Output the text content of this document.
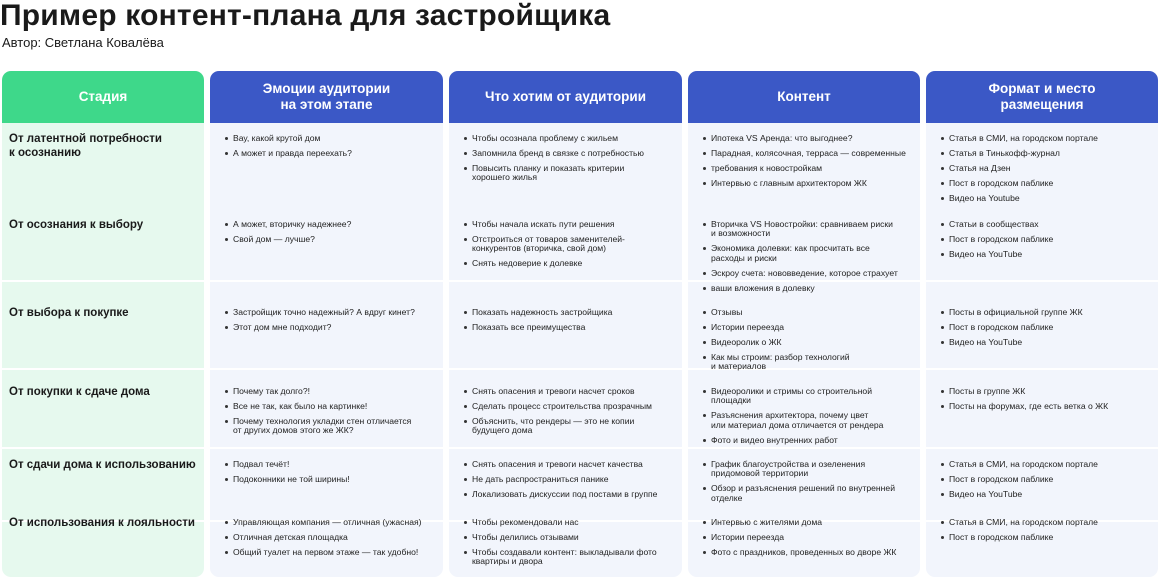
Пример контент-плана для застройщика
Автор: Светлана Ковалёва
Стадия
От латентной потребности
к осознанию
От осознания к выбору
От выбора к покупке
От покупки к сдаче дома
От сдачи дома к использованию
От использования к лояльности
Эмоции аудитории
на этом этапе
Вау, какой крутой дом
А может и правда переехать?
А может, вторичку надежнее?
Свой дом — лучше?
Застройщик точно надежный? А вдруг кинет?
Этот дом мне подходит?
Почему так долго?!
Все не так, как было на картинке!
Почему технология укладки стен отличается
от других домов этого же ЖК?
Подвал течёт!
Подоконники не той ширины!
Управляющая компания — отличная (ужасная)
Отличная детская площадка
Общий туалет на первом этаже — так удобно!
Что хотим от аудитории
Чтобы осознала проблему с жильем
Запомнила бренд в связке с потребностью
Повысить планку и показать критерии
хорошего жилья
Чтобы начала искать пути решения
Отстроиться от товаров заменителей-
конкурентов (вторичка, свой дом)
Снять недоверие к долевке
Показать надежность застройщика
Показать все преимущества
Снять опасения и тревоги насчет сроков
Сделать процесс строительства прозрачным
Объяснить, что рендеры — это не копии
будущего дома
Снять опасения и тревоги насчет качества
Не дать распространиться панике
Локализовать дискуссии под постами в группе
Чтобы рекомендовали нас
Чтобы делились отзывами
Чтобы создавали контент: выкладывали фото
квартиры и двора
Контент
Ипотека VS Аренда: что выгоднее?
Парадная, колясочная, терраса — современные
требования к новостройкам
Интервью с главным архитектором ЖК
Вторичка VS Новостройки: сравниваем риски
и возможности
Экономика долевки: как просчитать все
расходы и риски
Эскроу счета: нововведение, которое страхует
ваши вложения в долевку
Отзывы
Истории переезда
Видеоролик о ЖК
Как мы строим: разбор технологий
и материалов
Видеоролики и стримы со строительной
площадки
Разъяснения архитектора, почему цвет
или материал дома отличается от рендера
Фото и видео внутренних работ
График благоустройства и озеленения
придомовой территории
Обзор и разъяснения решений по внутренней
отделке
Интервью с жителями дома
Истории переезда
Фото с праздников, проведенных во дворе ЖК
Формат и место
размещения
Статья в СМИ, на городском портале
Статья в Тинькофф-журнал
Статья на Дзен
Пост в городском паблике
Видео на Youtube
Статьи в сообществах
Пост в городском паблике
Видео на YouTube
Посты в официальной группе ЖК
Пост в городском паблике
Видео на YouTube
Посты в группе ЖК
Посты на форумах, где есть ветка о ЖК
Статья в СМИ, на городском портале
Пост в городском паблике
Видео на YouTube
Статья в СМИ, на городском портале
Пост в городском паблике
